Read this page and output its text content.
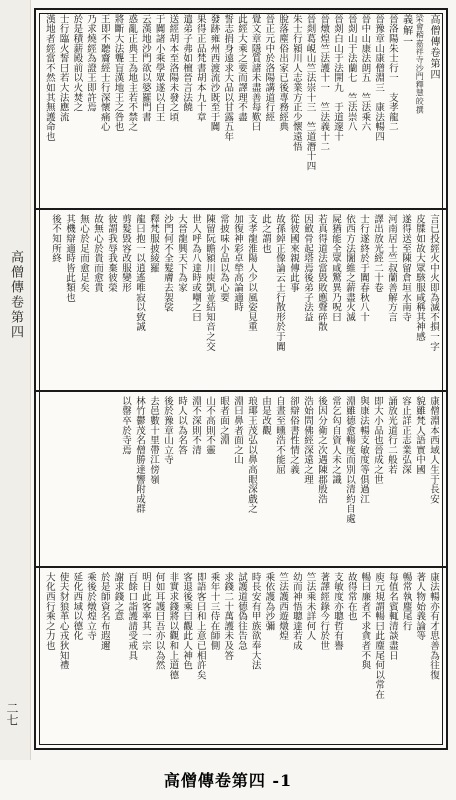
高僧傳卷第四
二七
高僧傳卷第四
梁會稽嘉祥寺沙門釋慧皎撰
義解一
晉洛陽朱士行一　支孝龍二
晉豫章山康僧淵三　康法暢四
晉中山康法朗五　竺法乘六
晉剡山于法蘭七　竺法崇八
晉剡白山于法開九　于道邃十
晉燉煌竺法護十一　竺法義十二
晉剡葛峴山竺法崇十三　竺道潛十四
朱士行潁川人志業方正少懷遠悟
脫落塵俗出家已後專務經典
晉正元中於洛陽講道行經
覺文章隱質諸未盡善每歎曰
此經大乘之要而譯理不盡
誓志捐身遠求大品以甘露五年
發跡雍州西渡流沙既至于闐
果得正品梵書胡本九十章
遣弟子弗如檀晉言法饒
送經胡本至洛陽未發之頃
于闐諸小乘學眾遂以白王
云漢地沙門欲以婆羅門書
惑亂正典王為地主若不禁之
將斷大法聾盲漢地王之咎也
王即不聽齎經士行深懷痛心
乃求燒經為證王即許焉
於是積薪殿前以火焚之
士行臨火誓曰若大法應流
漢地者經當不然如其無護命也
言已投經火中火即為滅不損一字
皮牒如故大眾駭服咸稱其神感
遂得送至陳留倉垣水南寺
河南居士竺叔蘭善解方言
譯出放光經二十卷
士行遂終於于闐春秋八十
依西方法闍維之薪盡火滅
屍猶能全眾咸驚異乃呪曰
若真得道法當毀敗應聲碎散
因斂骨起塔焉後弟子法益
從彼國來親傳此事
故孫綽正像論云士行散形於于闐
此之謂也
支孝龍淮陽人少以風姿見重
加復神彩卓犖高論適時
常披味小品以為心要
陳留阮瞻潁川庾凱並結知音之交
世人呼為八達時或嘲之曰
大晉龍興天下為家
沙門何不全髮膚去袈裟
釋梵服披綾羅
龍曰抱一以逍遙唯寂以致誠
剪髮毀容改服變形
彼謂我辱我棄彼榮
故無心於貴而愈貴
無心於足而愈足矣
其機辯適時皆此類也
後不知所終
康僧淵本西域人生于長安
貌雖梵人語實中國
容止詳正志業弘深
誦放光道行二般若
即大小品也晉成之世
與康法暢支敏度等俱過江
淵雖德愈暢度而別以清約自處
常乞匃自資人未之識
後因分衛之次遇陳郡殷浩
浩始問佛經深遠之理
卻辯俗書性情之義
自晝至曛浩不能屈
由是改觀
琅瑘王茂弘以鼻高眼深戲之
淵曰鼻者面之山
眼者面之淵
山不高則不靈
淵不深則不清
時人以為名答
後於豫章山立寺
去邑數十里帶江傍嶺
林竹鬱茂名僧勝達響附成群
以罄卒於寺焉
康法暢亦有才思善為往復
著人物始義論等
暢常執麈尾行
每值名賓輒清談盡日
庾元規謂暢曰此麈尾何以常在
暢曰廉者不求貪者不與
故得常在也
支敏度亦聰哲有譽
著譯經錄今行於世
竺法乘未詳何人
幼而神悟聰達若成
竺法護西遊燉煌
乘依護為沙彌
時長安有甲族欲奉大法
試護道德偽往告急
求錢二十萬護未及答
乘年十三侍在師側
即語客曰和上意已相許矣
客退後乘曰觀此人神色
非實求錢將以觀和上道德
何如耳護曰吾亦以為然
明日此客率其一宗
百餘口詣護請受戒具
謝求錢之意
於是師資名布遐邇
乘後於燉煌立寺
延化西域以德化
使夫豺狼革心戎狄知禮
大化西行乘之力也
高僧傳卷第四 -1
